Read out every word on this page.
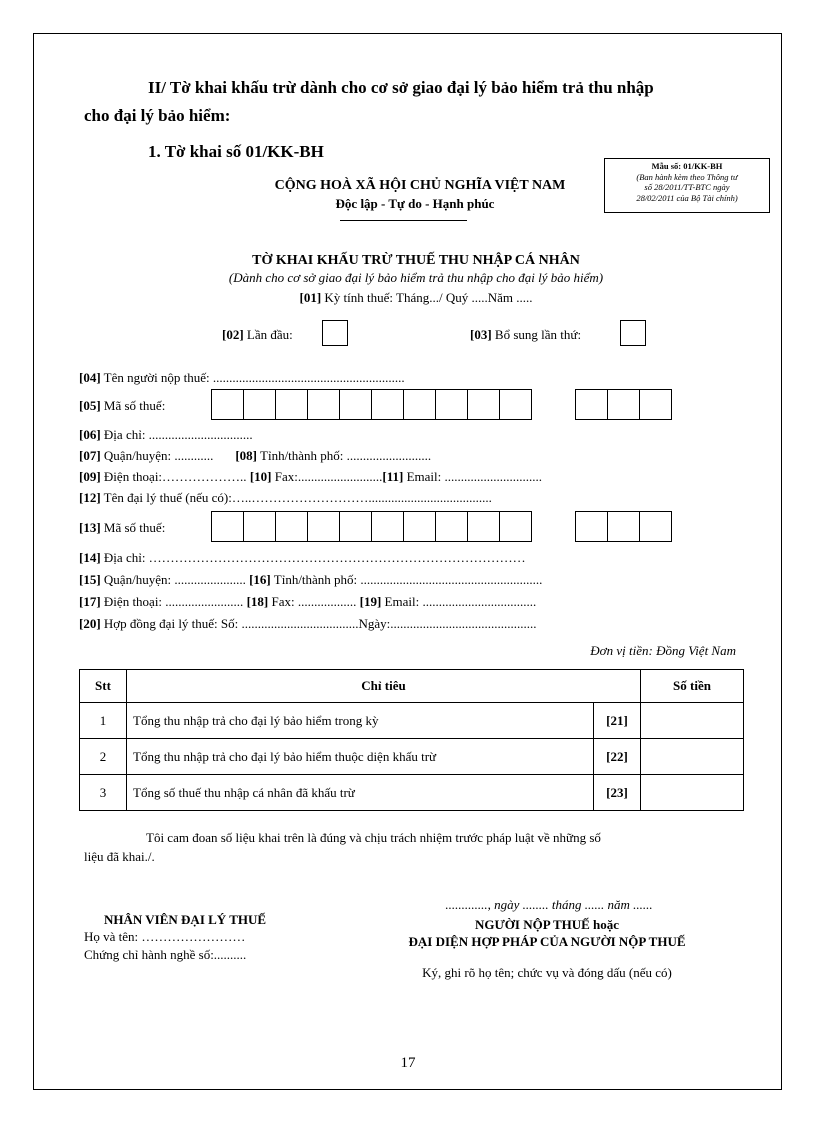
II/ Tờ khai khấu trừ dành cho cơ sở giao đại lý bảo hiểm trả thu nhập
cho đại lý bảo hiểm:
1. Tờ khai số 01/KK-BH
Mẫu số: 01/KK-BH
(Ban hành kèm theo Thông tư
số 28/2011/TT-BTC ngày
28/02/2011 của Bộ Tài chính)
CỘNG HOÀ XÃ HỘI CHỦ NGHĨA VIỆT NAM
Độc lập - Tự do - Hạnh phúc
TỜ KHAI KHẤU TRỪ THUẾ THU NHẬP CÁ NHÂN
(Dành cho cơ sở giao đại lý bảo hiểm trả thu nhập cho đại lý bảo hiểm)
[01] Kỳ tính thuế: Tháng.../ Quý .....Năm .....
[02] Lần đầu:	[03] Bổ sung lần thứ:
[04] Tên người nộp thuế: ...........................................................
[05] Mã số thuế:
[06] Địa chỉ: ................................
[07] Quận/huyện: ............ [08] Tỉnh/thành phố: ..........................
[09] Điện thoại:……………….. [10] Fax:..........................[11] Email: ..............................
[12] Tên đại lý thuế (nếu có):…..………………………......................................
[13] Mã số thuế:
[14] Địa chỉ: ……………………………………………………………………………
[15] Quận/huyện: ...................... [16] Tỉnh/thành phố: ........................................................
[17] Điện thoại: ........................ [18] Fax: .................. [19] Email: ...................................
[20] Hợp đồng đại lý thuế: Số: ....................................Ngày:.............................................
Đơn vị tiền: Đồng Việt Nam
Stt	Chỉ tiêu		Số tiền
1	Tổng thu nhập trả cho đại lý bảo hiểm trong kỳ	[21]	
2	Tổng thu nhập trả cho đại lý bảo hiểm thuộc diện khấu trừ	[22]	
3	Tổng số thuế thu nhập cá nhân đã khấu trừ	[23]	
Tôi cam đoan số liệu khai trên là đúng và chịu trách nhiệm trước pháp luật về những số
liệu đã khai./.
............., ngày ........ tháng ...... năm ......
NHÂN VIÊN ĐẠI LÝ THUẾ
Họ và tên: ……………………
Chứng chỉ hành nghề số:..........
NGƯỜI NỘP THUẾ hoặc
ĐẠI DIỆN HỢP PHÁP CỦA NGƯỜI NỘP THUẾ
Ký, ghi rõ họ tên; chức vụ và đóng dấu (nếu có)
17
